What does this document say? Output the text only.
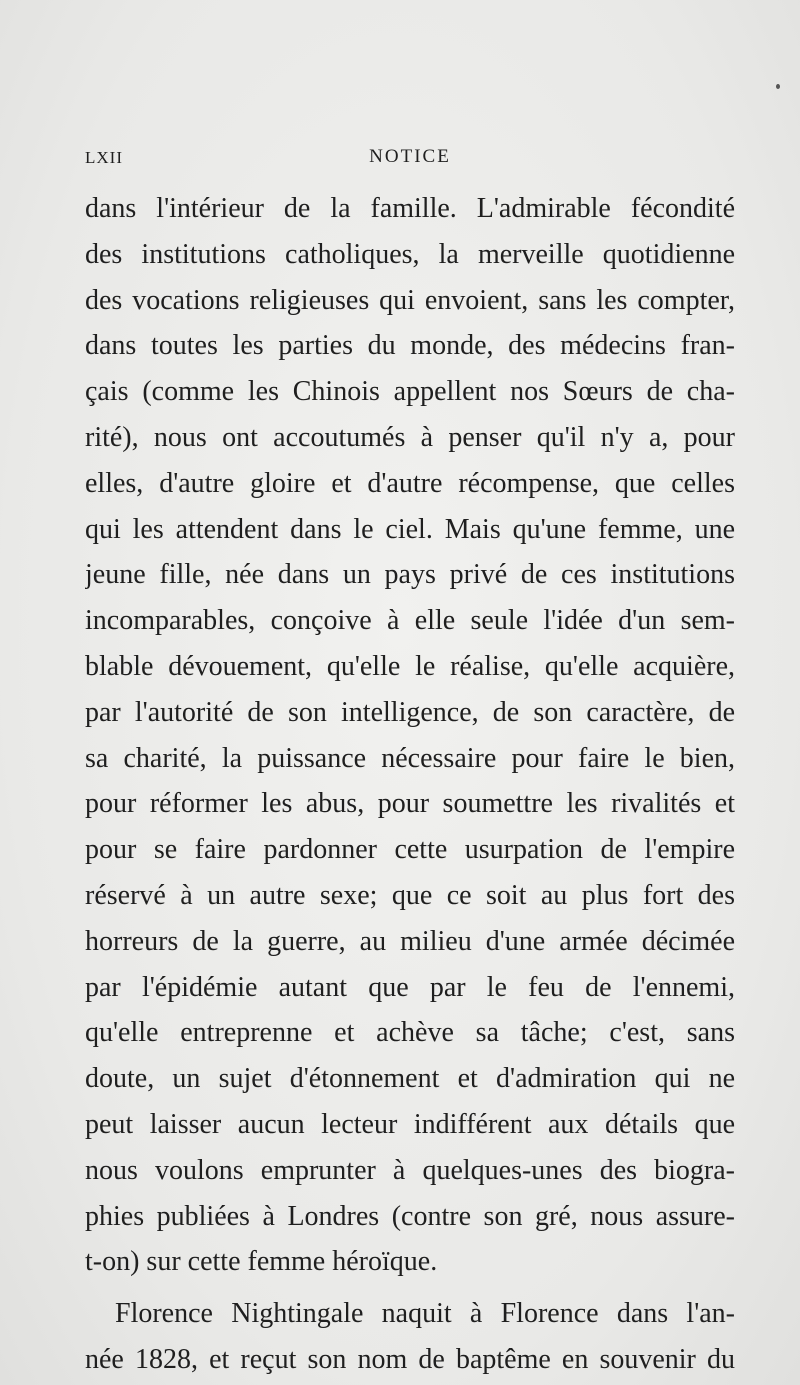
LXII	NOTICE
dans l'intérieur de la famille. L'admirable fécondité
des institutions catholiques, la merveille quotidienne
des vocations religieuses qui envoient, sans les compter,
dans toutes les parties du monde, des médecins fran-
çais (comme les Chinois appellent nos Sœurs de cha-
rité), nous ont accoutumés à penser qu'il n'y a, pour
elles, d'autre gloire et d'autre récompense, que celles
qui les attendent dans le ciel. Mais qu'une femme, une
jeune fille, née dans un pays privé de ces institutions
incomparables, conçoive à elle seule l'idée d'un sem-
blable dévouement, qu'elle le réalise, qu'elle acquière,
par l'autorité de son intelligence, de son caractère, de
sa charité, la puissance nécessaire pour faire le bien,
pour réformer les abus, pour soumettre les rivalités et
pour se faire pardonner cette usurpation de l'empire
réservé à un autre sexe; que ce soit au plus fort des
horreurs de la guerre, au milieu d'une armée décimée
par l'épidémie autant que par le feu de l'ennemi,
qu'elle entreprenne et achève sa tâche; c'est, sans
doute, un sujet d'étonnement et d'admiration qui ne
peut laisser aucun lecteur indifférent aux détails que
nous voulons emprunter à quelques-unes des biogra-
phies publiées à Londres (contre son gré, nous assure-
t-on) sur cette femme héroïque.
Florence Nightingale naquit à Florence dans l'an-
née 1828, et reçut son nom de baptême en souvenir du
